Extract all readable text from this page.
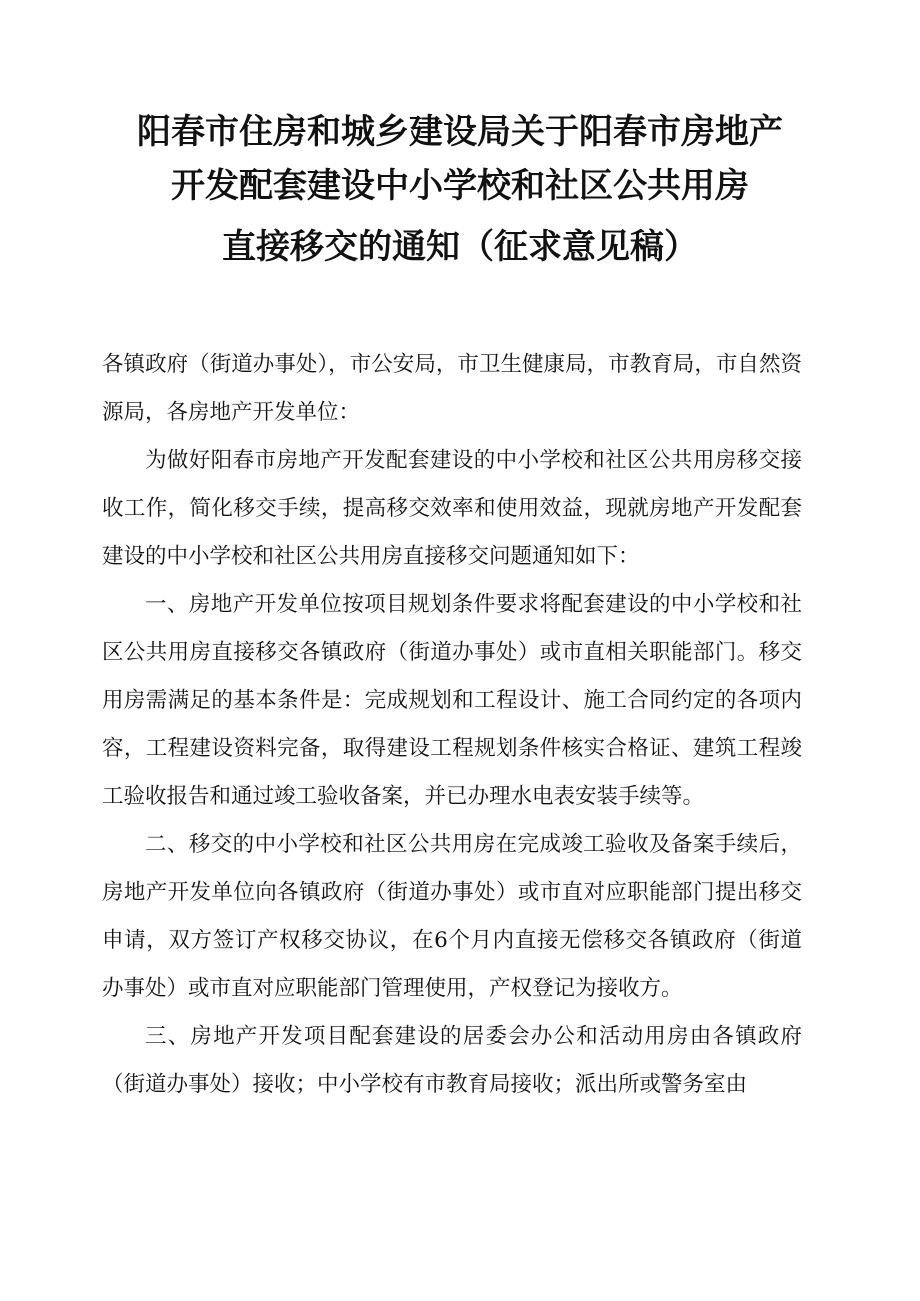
阳春市住房和城乡建设局关于阳春市房地产
开发配套建设中小学校和社区公共用房
直接移交的通知（征求意见稿）

各镇政府（街道办事处），市公安局，市卫生健康局，市教育局，市自然资源局，各房地产开发单位：

为做好阳春市房地产开发配套建设的中小学校和社区公共用房移交接收工作，简化移交手续，提高移交效率和使用效益，现就房地产开发配套建设的中小学校和社区公共用房直接移交问题通知如下：

一、房地产开发单位按项目规划条件要求将配套建设的中小学校和社区公共用房直接移交各镇政府（街道办事处）或市直相关职能部门。移交用房需满足的基本条件是：完成规划和工程设计、施工合同约定的各项内容，工程建设资料完备，取得建设工程规划条件核实合格证、建筑工程竣工验收报告和通过竣工验收备案，并已办理水电表安装手续等。

二、移交的中小学校和社区公共用房在完成竣工验收及备案手续后，房地产开发单位向各镇政府（街道办事处）或市直对应职能部门提出移交申请，双方签订产权移交协议，在6个月内直接无偿移交各镇政府（街道办事处）或市直对应职能部门管理使用，产权登记为接收方。

三、房地产开发项目配套建设的居委会办公和活动用房由各镇政府（街道办事处）接收；中小学校有市教育局接收；派出所或警务室由
